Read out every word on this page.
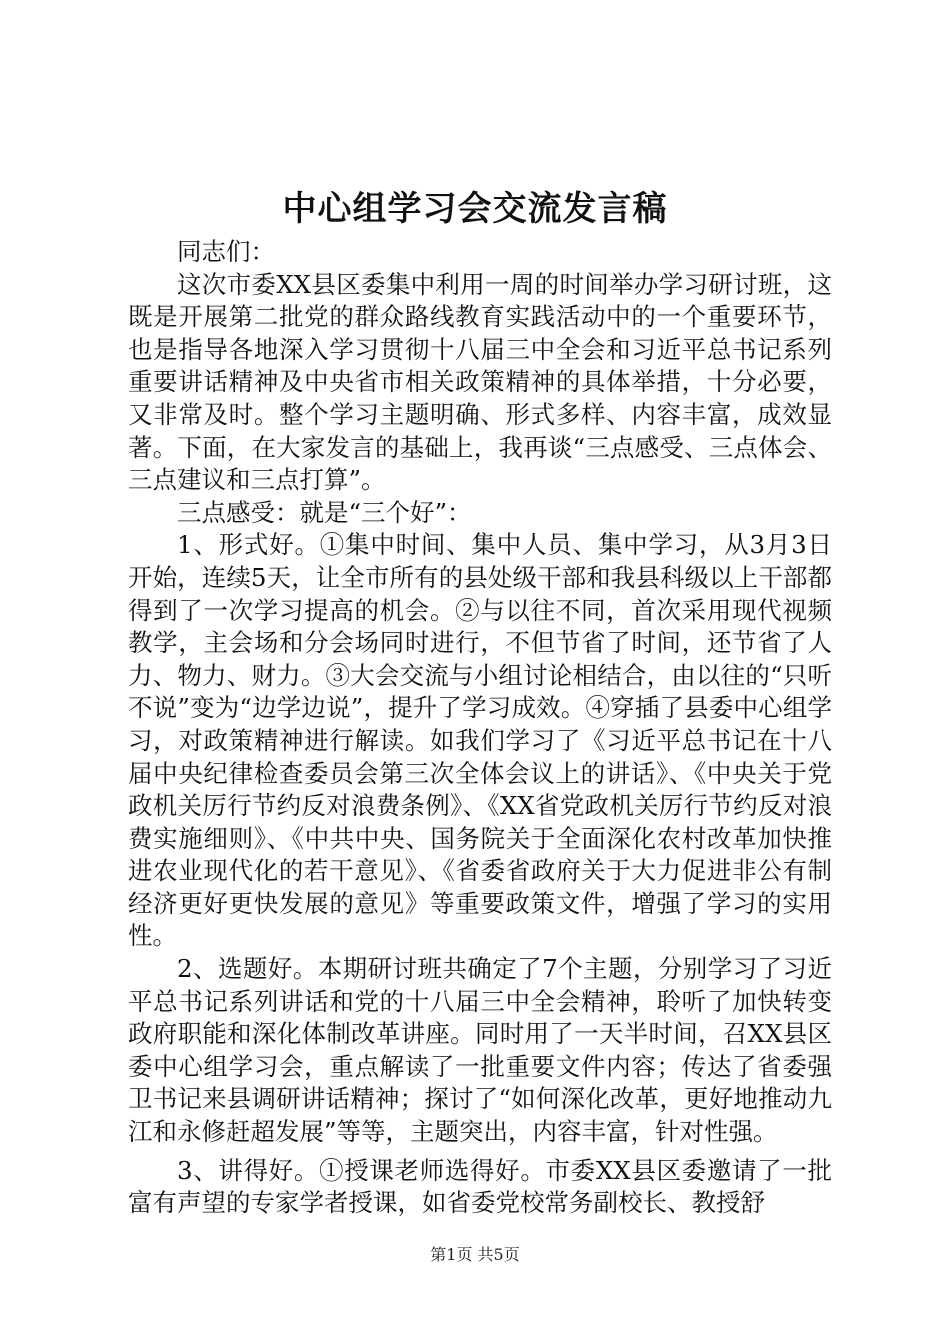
中心组学习会交流发言稿

同志们：

这次市委XX县区委集中利用一周的时间举办学习研讨班，这既是开展第二批党的群众路线教育实践活动中的一个重要环节，也是指导各地深入学习贯彻十八届三中全会和习近平总书记系列重要讲话精神及中央省市相关政策精神的具体举措，十分必要，又非常及时。整个学习主题明确、形式多样、内容丰富，成效显著。下面，在大家发言的基础上，我再谈“三点感受、三点体会、三点建议和三点打算”。

三点感受：就是“三个好”：

1、形式好。①集中时间、集中人员、集中学习，从3月3日开始，连续5天，让全市所有的县处级干部和我县科级以上干部都得到了一次学习提高的机会。②与以往不同，首次采用现代视频教学，主会场和分会场同时进行，不但节省了时间，还节省了人力、物力、财力。③大会交流与小组讨论相结合，由以往的“只听不说”变为“边学边说”，提升了学习成效。④穿插了县委中心组学习，对政策精神进行解读。如我们学习了《习近平总书记在十八届中央纪律检查委员会第三次全体会议上的讲话》、《中央关于党政机关厉行节约反对浪费条例》、《XX省党政机关厉行节约反对浪费实施细则》、《中共中央、国务院关于全面深化农村改革加快推进农业现代化的若干意见》、《省委省政府关于大力促进非公有制经济更好更快发展的意见》等重要政策文件，增强了学习的实用性。

2、选题好。本期研讨班共确定了7个主题，分别学习了习近平总书记系列讲话和党的十八届三中全会精神，聆听了加快转变政府职能和深化体制改革讲座。同时用了一天半时间，召XX县区委中心组学习会，重点解读了一批重要文件内容；传达了省委强卫书记来县调研讲话精神；探讨了“如何深化改革，更好地推动九江和永修赶超发展”等等，主题突出，内容丰富，针对性强。

3、讲得好。①授课老师选得好。市委XX县区委邀请了一批富有声望的专家学者授课，如省委党校常务副校长、教授舒

第1页 共5页
